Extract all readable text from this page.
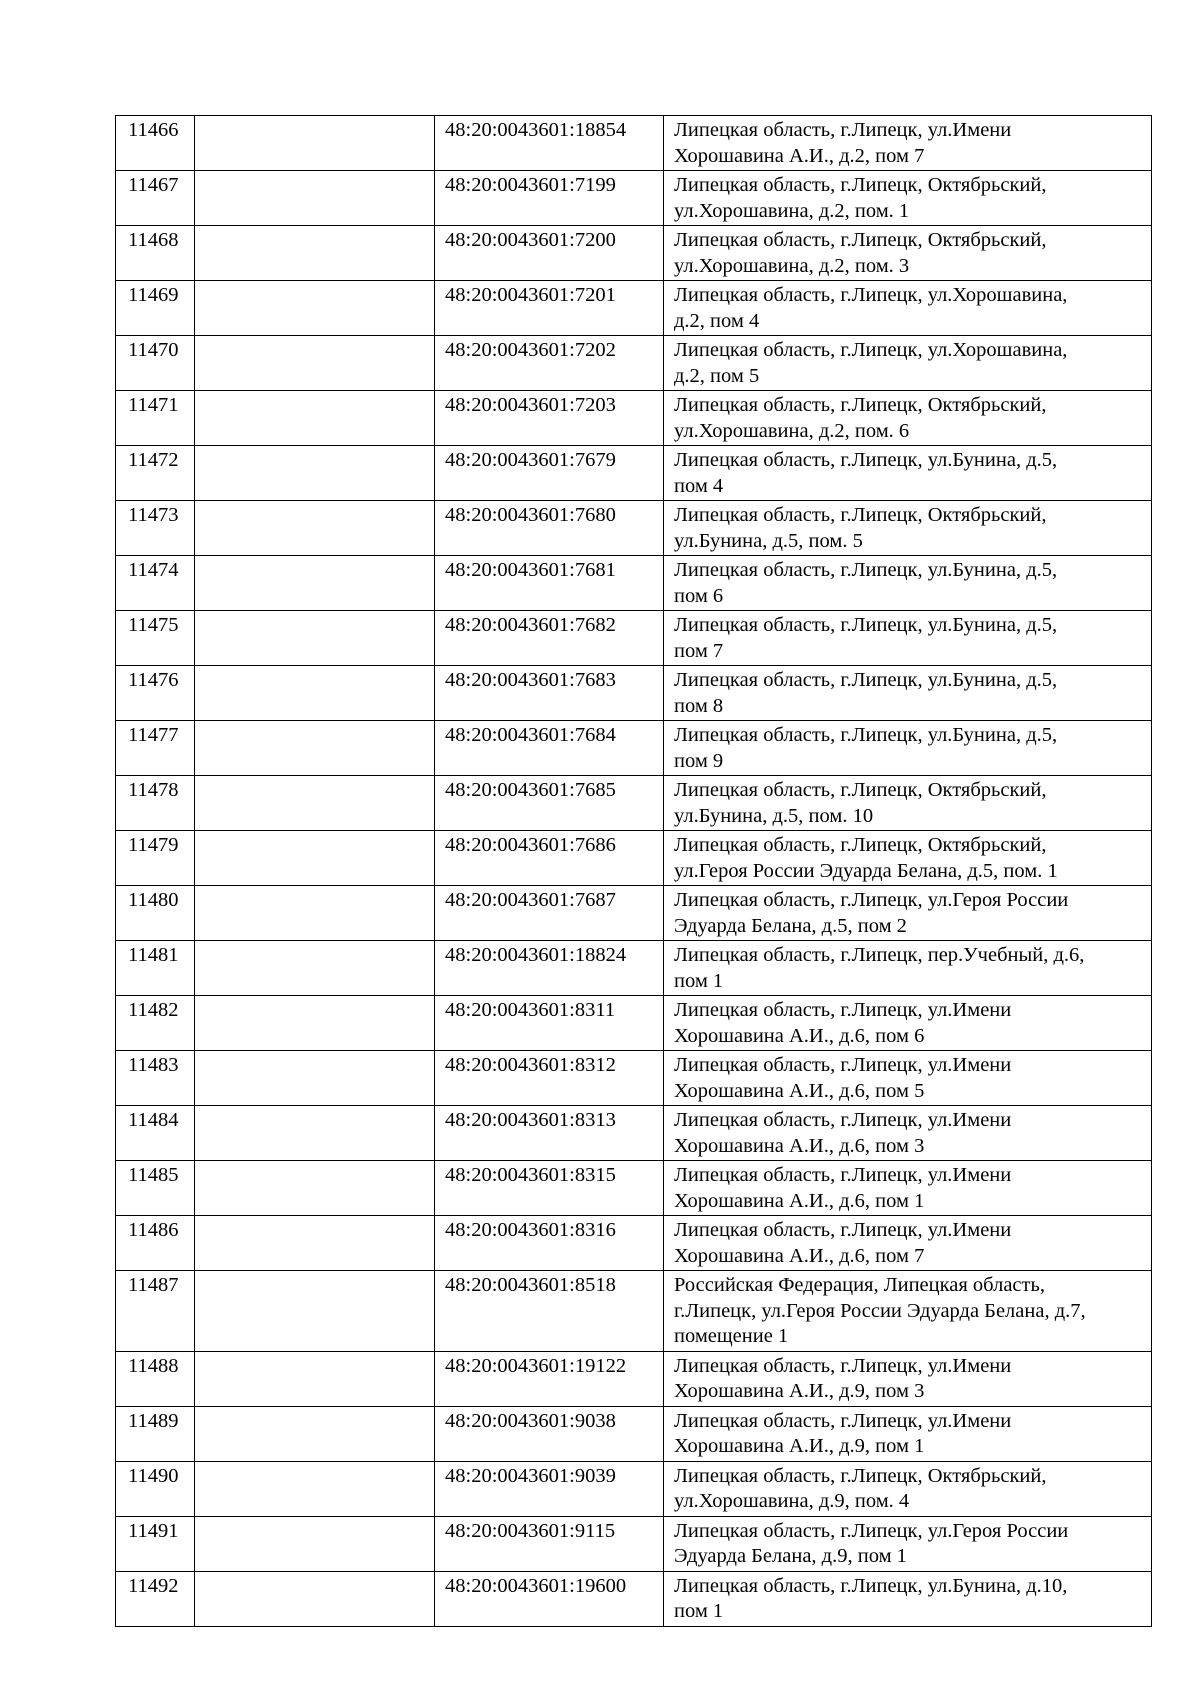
11466		48:20:0043601:18854	Липецкая область, г.Липецк, ул.Имени
Хорошавина А.И., д.2, пом 7

11467		48:20:0043601:7199	Липецкая область, г.Липецк, Октябрьский,
ул.Хорошавина, д.2, пом. 1

11468		48:20:0043601:7200	Липецкая область, г.Липецк, Октябрьский,
ул.Хорошавина, д.2, пом. 3

11469		48:20:0043601:7201	Липецкая область, г.Липецк, ул.Хорошавина,
д.2, пом 4

11470		48:20:0043601:7202	Липецкая область, г.Липецк, ул.Хорошавина,
д.2, пом 5

11471		48:20:0043601:7203	Липецкая область, г.Липецк, Октябрьский,
ул.Хорошавина, д.2, пом. 6

11472		48:20:0043601:7679	Липецкая область, г.Липецк, ул.Бунина, д.5,
пом 4

11473		48:20:0043601:7680	Липецкая область, г.Липецк, Октябрьский,
ул.Бунина, д.5, пом. 5

11474		48:20:0043601:7681	Липецкая область, г.Липецк, ул.Бунина, д.5,
пом 6

11475		48:20:0043601:7682	Липецкая область, г.Липецк, ул.Бунина, д.5,
пом 7

11476		48:20:0043601:7683	Липецкая область, г.Липецк, ул.Бунина, д.5,
пом 8

11477		48:20:0043601:7684	Липецкая область, г.Липецк, ул.Бунина, д.5,
пом 9

11478		48:20:0043601:7685	Липецкая область, г.Липецк, Октябрьский,
ул.Бунина, д.5, пом. 10

11479		48:20:0043601:7686	Липецкая область, г.Липецк, Октябрьский,
ул.Героя России Эдуарда Белана, д.5, пом. 1

11480		48:20:0043601:7687	Липецкая область, г.Липецк, ул.Героя России
Эдуарда Белана, д.5, пом 2

11481		48:20:0043601:18824	Липецкая область, г.Липецк, пер.Учебный, д.6,
пом 1

11482		48:20:0043601:8311	Липецкая область, г.Липецк, ул.Имени
Хорошавина А.И., д.6, пом 6

11483		48:20:0043601:8312	Липецкая область, г.Липецк, ул.Имени
Хорошавина А.И., д.6, пом 5

11484		48:20:0043601:8313	Липецкая область, г.Липецк, ул.Имени
Хорошавина А.И., д.6, пом 3

11485		48:20:0043601:8315	Липецкая область, г.Липецк, ул.Имени
Хорошавина А.И., д.6, пом 1

11486		48:20:0043601:8316	Липецкая область, г.Липецк, ул.Имени
Хорошавина А.И., д.6, пом 7

11487		48:20:0043601:8518	Российская Федерация, Липецкая область,
г.Липецк, ул.Героя России Эдуарда Белана, д.7,
помещение 1

11488		48:20:0043601:19122	Липецкая область, г.Липецк, ул.Имени
Хорошавина А.И., д.9, пом 3

11489		48:20:0043601:9038	Липецкая область, г.Липецк, ул.Имени
Хорошавина А.И., д.9, пом 1

11490		48:20:0043601:9039	Липецкая область, г.Липецк, Октябрьский,
ул.Хорошавина, д.9, пом. 4

11491		48:20:0043601:9115	Липецкая область, г.Липецк, ул.Героя России
Эдуарда Белана, д.9, пом 1

11492		48:20:0043601:19600	Липецкая область, г.Липецк, ул.Бунина, д.10,
пом 1
